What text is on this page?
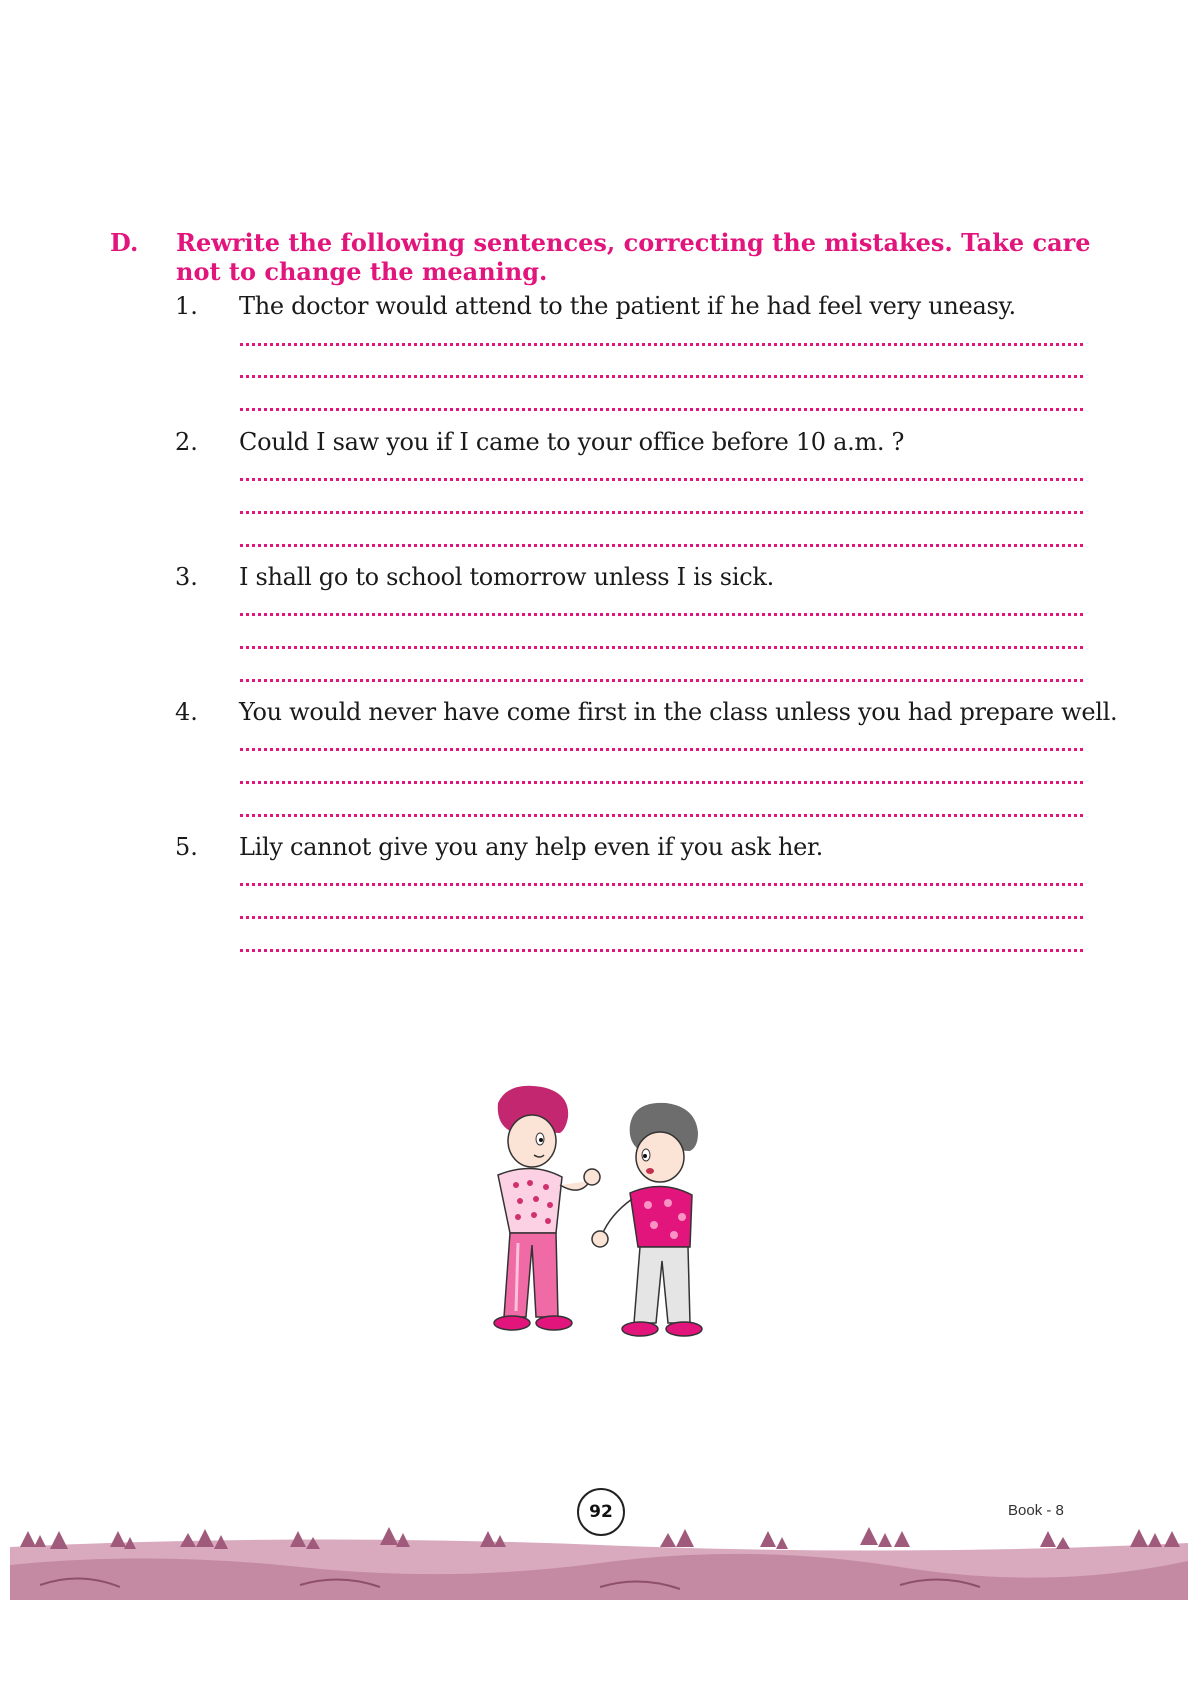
D. Rewrite the following sentences, correcting the mistakes. Take care not to change the meaning.
1. The doctor would attend to the patient if he had feel very uneasy.
2. Could I saw you if I came to your office before 10 a.m. ?
3. I shall go to school tomorrow unless I is sick.
4. You would never have come first in the class unless you had prepare well.
5. Lily cannot give you any help even if you ask her.
92	Book - 8
